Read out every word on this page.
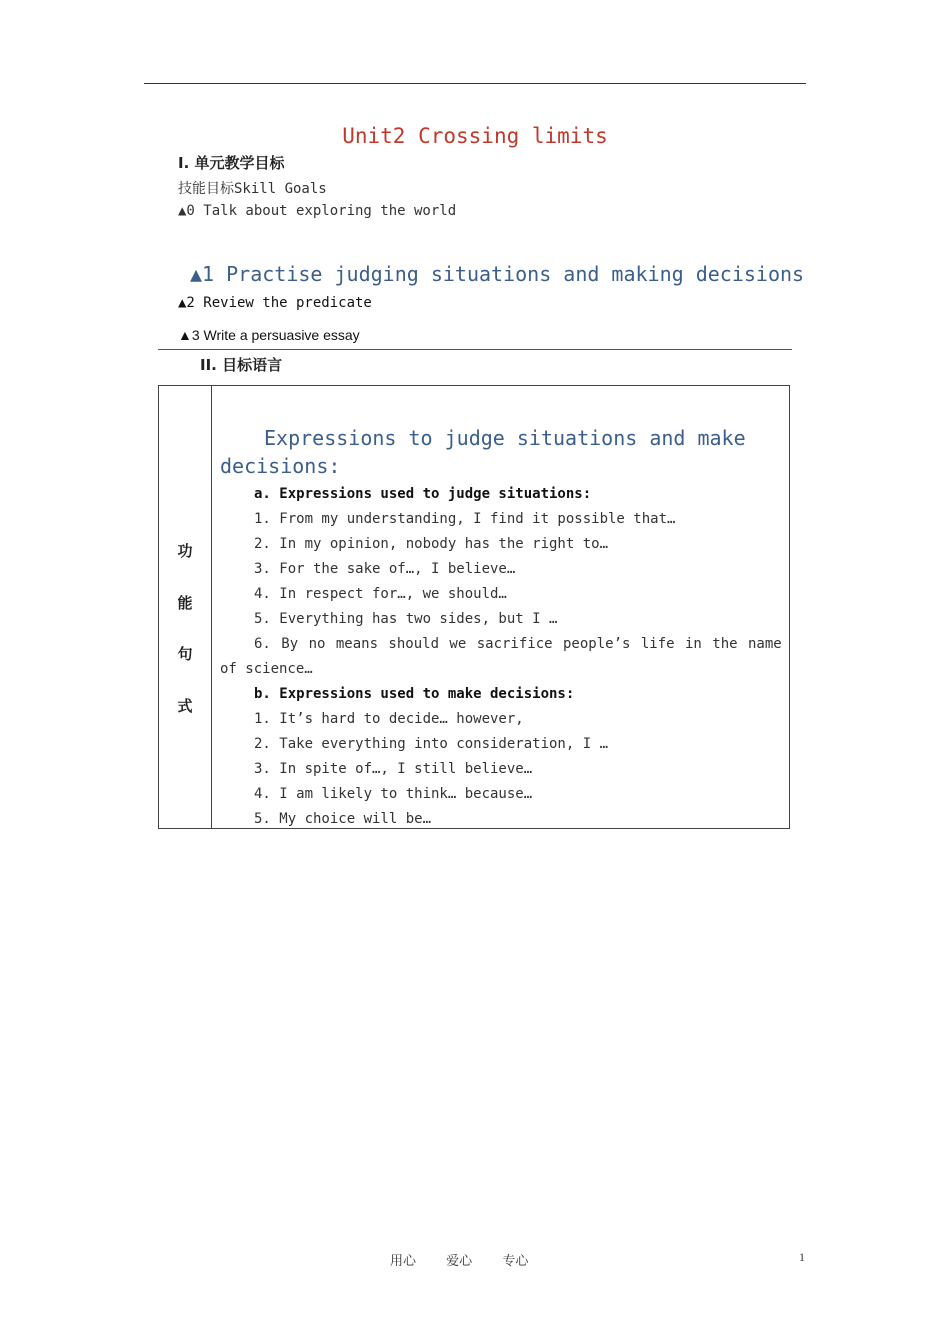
Unit2 Crossing limits
I. 单元教学目标
技能目标Skill Goals
▲0 Talk about exploring the world
▲1 Practise judging situations and making decisions
▲2 Review the predicate
▲3 Write a persuasive essay
II. 目标语言
功
能
句
式
Expressions to judge situations and make
decisions:
a. Expressions used to judge situations:
1. From my understanding, I find it possible that…
2. In my opinion, nobody has the right to…
3. For the sake of…, I believe…
4. In respect for…, we should…
5. Everything has two sides, but I …
6. By no means should we sacrifice people’s life in the name
of science…
b. Expressions used to make decisions:
1. It’s hard to decide… however,
2. Take everything into consideration, I …
3. In spite of…, I still believe…
4. I am likely to think… because…
5. My choice will be…
用心 爱心 专心	1
